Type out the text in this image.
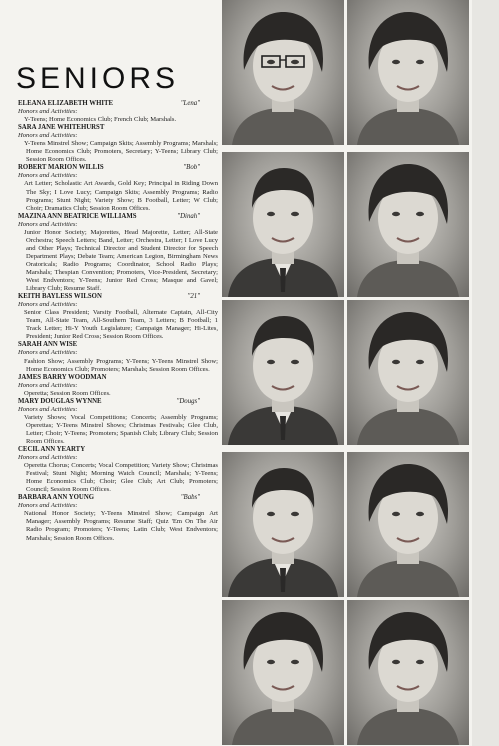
SENIORS
ELEANA ELIZABETH WHITE	"Lena"

Honors and Activities:

Y-Teens; Home Economics Club; French Club; Marshals.

SARA JANE WHITEHURST

Honors and Activities:

Y-Teens Minstrel Show; Campaign Skits; Assembly Programs; Marshals; Home Economics Club; Promoters, Secretary; Y-Teens; Library Club; Session Room Offices.

ROBERT MARION WILLIS	"Bob"

Honors and Activities:

Art Letter; Scholastic Art Awards, Gold Key; Principal in Riding Down The Sky; I Love Lucy; Campaign Skits; Assembly Programs; Radio Programs; Stunt Night; Variety Show; B Football, Letter; W Club; Choir; Dramatics Club; Session Room Offices.

MAZINA ANN BEATRICE WILLIAMS	"Dinah"

Honors and Activities:

Junior Honor Society; Majorettes, Head Majorette, Letter; All-State Orchestra; Speech Letters; Band, Letter; Orchestra, Letter; I Love Lucy and Other Plays; Technical Director and Student Director for Speech Department Plays; Debate Team; American Legion, Birmingham News Oratoricals; Radio Programs; Coordinator, School Radio Plays; Marshals; Thespian Convention; Promoters, Vice-President, Secretary; West Endventors; Y-Teens; Junior Red Cross; Masque and Gavel; Library Club; Resume Staff.

KEITH BAYLESS WILSON	"21"

Honors and Activities:

Senior Class President; Varsity Football, Alternate Captain, All-City Team, All-State Team, All-Southern Team, 3 Letters; B Football; 1 Track Letter; Hi-Y Youth Legislature; Campaign Manager; Hi-Lites, President; Junior Red Cross; Session Room Offices.

SARAH ANN WISE

Honors and Activities:

Fashion Show; Assembly Programs; Y-Teens; Y-Teens Minstrel Show; Home Economics Club; Promoters; Marshals; Session Room Offices.

JAMES BARRY WOODMAN

Honors and Activities:

Operetta; Session Room Offices.

MARY DOUGLAS WYNNE	"Dougs"

Honors and Activities:

Variety Shows; Vocal Competitions; Concerts; Assembly Programs; Operettas; Y-Teens Minstrel Shows; Christmas Festivals; Glee Club, Letter; Choir; Y-Teens; Promoters; Spanish Club; Library Club; Session Room Offices.

CECIL ANN YEARTY

Honors and Activities:

Operetta Chorus; Concerts; Vocal Competition; Variety Show; Christmas Festival; Stunt Night; Morning Watch Council; Marshals; Y-Teens; Home Economics Club; Choir; Glee Club; Art Club; Promoters; Council; Session Room Offices.

BARBARA ANN YOUNG	"Babs"

Honors and Activities:

National Honor Society; Y-Teens Minstrel Show; Campaign Art Manager; Assembly Programs; Resume Staff; Quiz 'Em On The Air Radio Program; Promoters; Y-Teens; Latin Club; West Endventors; Marshals; Session Room Offices.
